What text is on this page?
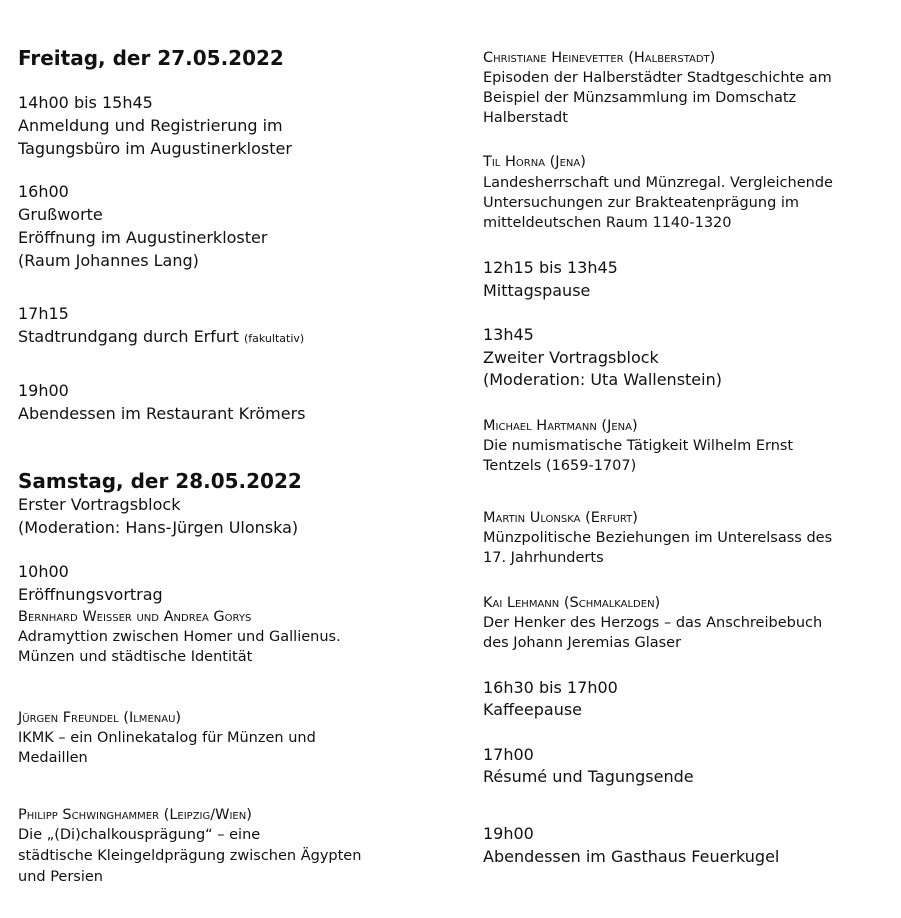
Freitag, der 27.05.2022
14h00 bis 15h45
Anmeldung und Registrierung im
Tagungsbüro im Augustinerkloster
16h00
Grußworte
Eröffnung im Augustinerkloster
(Raum Johannes Lang)
17h15
Stadtrundgang durch Erfurt (fakultativ)
19h00
Abendessen im Restaurant Krömers
Samstag, der 28.05.2022
Erster Vortragsblock
(Moderation: Hans-Jürgen Ulonska)
10h00
Eröffnungsvortrag
Bernhard Weisser und Andrea Gorys
Adramyttion zwischen Homer und Gallienus.
Münzen und städtische Identität
Jürgen Freundel (Ilmenau)
IKMK – ein Onlinekatalog für Münzen und
Medaillen
Philipp Schwinghammer (Leipzig/Wien)
Die „(Di)chalkousprägung“ – eine
städtische Kleingeldprägung zwischen Ägypten
und Persien
Christiane Heinevetter (Halberstadt)
Episoden der Halberstädter Stadtgeschichte am
Beispiel der Münzsammlung im Domschatz
Halberstadt
Til Horna (Jena)
Landesherrschaft und Münzregal. Vergleichende
Untersuchungen zur Brakteatenprägung im
mitteldeutschen Raum 1140-1320
12h15 bis 13h45
Mittagspause
13h45
Zweiter Vortragsblock
(Moderation: Uta Wallenstein)
Michael Hartmann (Jena)
Die numismatische Tätigkeit Wilhelm Ernst
Tentzels (1659-1707)
Martin Ulonska (Erfurt)
Münzpolitische Beziehungen im Unterelsass des
17. Jahrhunderts
Kai Lehmann (Schmalkalden)
Der Henker des Herzogs – das Anschreibebuch
des Johann Jeremias Glaser
16h30 bis 17h00
Kaffeepause
17h00
Résumé und Tagungsende
19h00
Abendessen im Gasthaus Feuerkugel
